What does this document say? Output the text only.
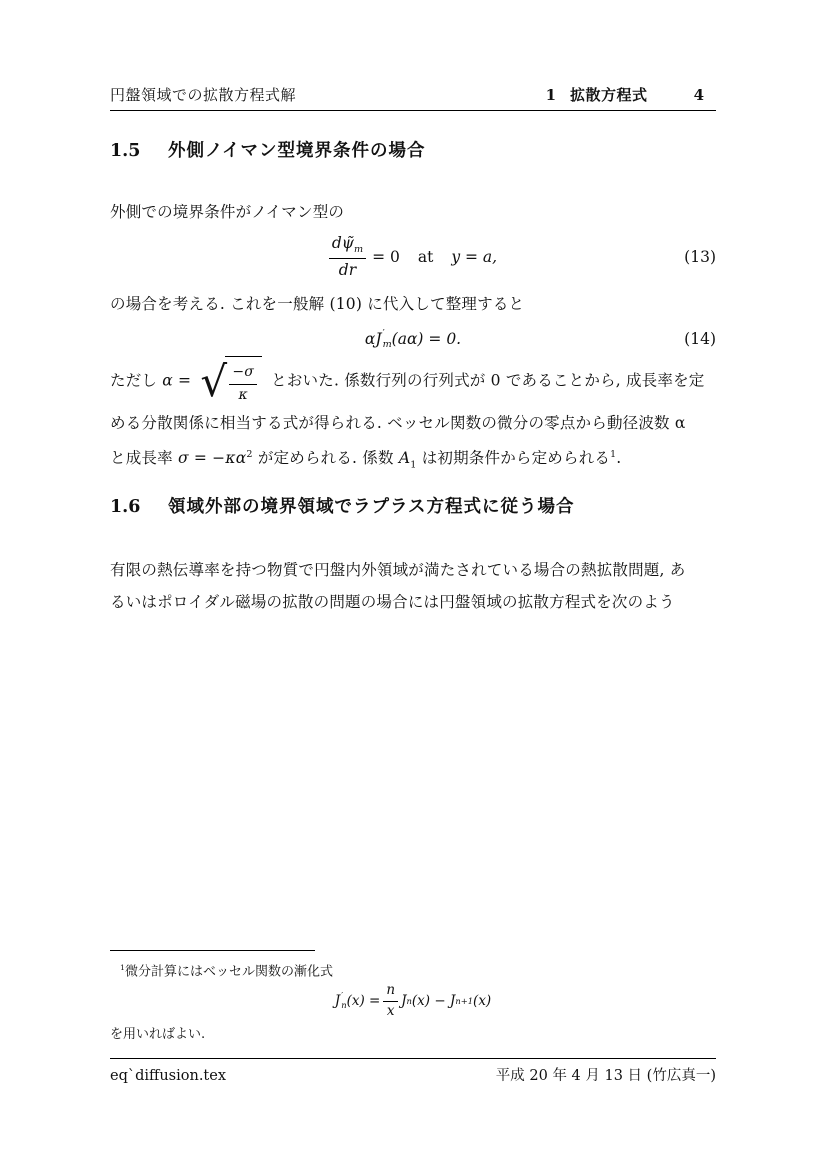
円盤領域での拡散方程式解	1 拡散方程式	4
1.5 外側ノイマン型境界条件の場合
外側での境界条件がノイマン型の
$\frac{d\psĩ_m}{dr} = 0$ at y = a,	(13)
の場合を考える. これを一般解 (10) に代入して整理すると
αJ ′
m (aα) = 0.	(14)
ただし α = √ $\frac{-\sigma}{\kappa}$ とおいた. 係数行列の行列式が 0 であることから, 成長率を定
める分散関係に相当する式が得られる. ベッセル関数の微分の零点から動径波数 α
と成長率 $\sigma = -\kappa\alpha^2$ が定められる. 係数 $A_1$ は初期条件から定められる$^1$.
1.6 領域外部の境界領域でラプラス方程式に従う場合
有限の熱伝導率を持つ物質で円盤内外領域が満たされている場合の熱拡散問題, あ
るいはポロイダル磁場の拡散の問題の場合には円盤領域の拡散方程式を次のよう
$^1$微分計算にはベッセル関数の漸化式
J ′
n $(x) = \frac{n}{x}$ J n (x) − J n+1 (x)
を用いればよい.
eq`diffusion.tex	平成 20 年 4 月 13 日 (竹広真一)
